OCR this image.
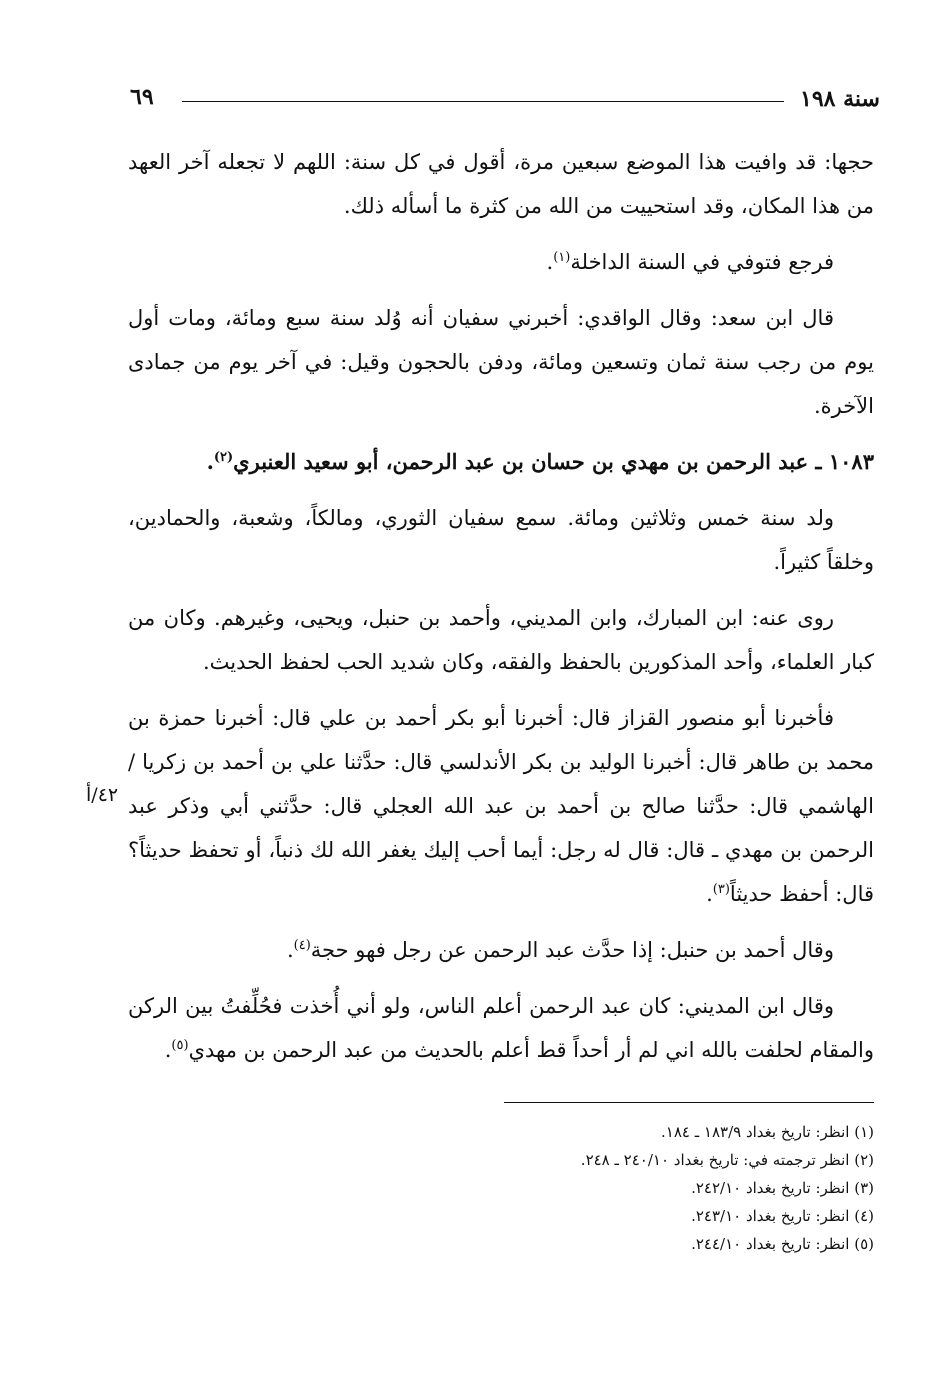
سنة ١٩٨
٦٩

حجها: قد وافيت هذا الموضع سبعين مرة، أقول في كل سنة: اللهم لا تجعله آخر العهد من هذا المكان، وقد استحييت من الله من كثرة ما أسأله ذلك.

فرجع فتوفي في السنة الداخلة$^{(١)}$.

قال ابن سعد: وقال الواقدي: أخبرني سفيان أنه وُلد سنة سبع ومائة، ومات أول يوم من رجب سنة ثمان وتسعين ومائة، ودفن بالحجون وقيل: في آخر يوم من جمادى الآخرة.

١٠٨٣ ـ عبد الرحمن بن مهدي بن حسان بن عبد الرحمن، أبو سعيد العنبري$^{(٢)}$.

ولد سنة خمس وثلاثين ومائة. سمع سفيان الثوري، ومالكاً، وشعبة، والحمادين، وخلقاً كثيراً.

روى عنه: ابن المبارك، وابن المديني، وأحمد بن حنبل، ويحيى، وغيرهم. وكان من كبار العلماء، وأحد المذكورين بالحفظ والفقه، وكان شديد الحب لحفظ الحديث.

فأخبرنا أبو منصور القزاز قال: أخبرنا أبو بكر أحمد بن علي قال: أخبرنا حمزة بن محمد بن طاهر قال: أخبرنا الوليد بن بكر الأندلسي قال: حدَّثنا علي بن أحمد بن زكريا / الهاشمي قال: حدَّثنا صالح بن أحمد بن عبد الله العجلي قال: حدَّثني أبي وذكر عبد الرحمن بن مهدي ـ قال: قال له رجل: أيما أحب إليك يغفر الله لك ذنباً، أو تحفظ حديثاً؟ قال: أحفظ حديثاً$^{(٣)}$.

وقال أحمد بن حنبل: إذا حدَّث عبد الرحمن عن رجل فهو حجة$^{(٤)}$.

وقال ابن المديني: كان عبد الرحمن أعلم الناس، ولو أني أُخذت فحُلِّفتُ بين الركن والمقام لحلفت بالله اني لم أر أحداً قط أعلم بالحديث من عبد الرحمن بن مهدي$^{(٥)}$.

٤٢/أ
(١) انظر: تاريخ بغداد ١٨٣/٩ ـ ١٨٤.
(٢) انظر ترجمته في: تاريخ بغداد ٢٤٠/١٠ ـ ٢٤٨.
(٣) انظر: تاريخ بغداد ٢٤٢/١٠.
(٤) انظر: تاريخ بغداد ٢٤٣/١٠.
(٥) انظر: تاريخ بغداد ٢٤٤/١٠.
